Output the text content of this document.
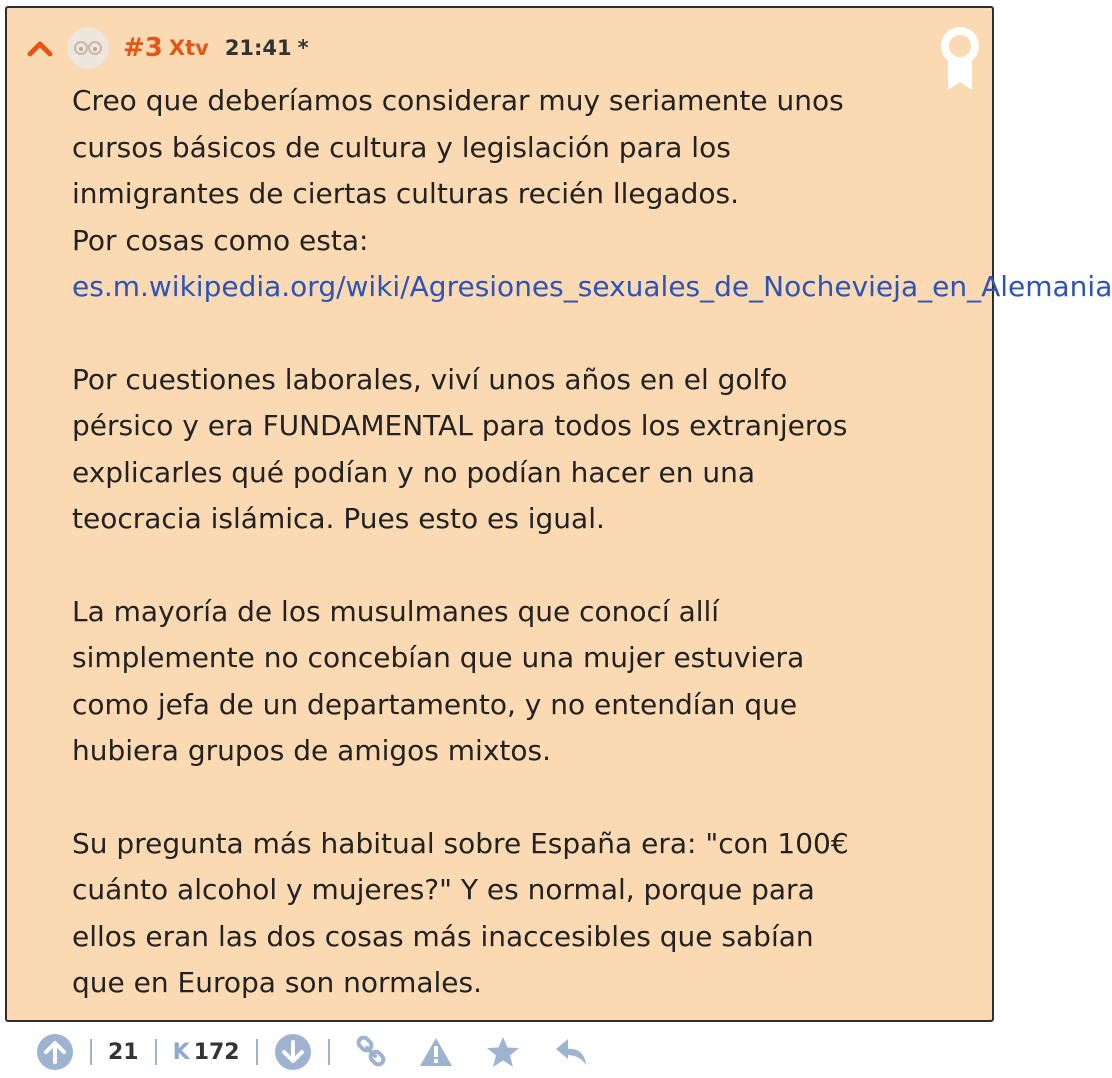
#3 Xtv 21:41 *

Creo que deberíamos considerar muy seriamente unos
cursos básicos de cultura y legislación para los
inmigrantes de ciertas culturas recién llegados.
Por cosas como esta:
es.m.wikipedia.org/wiki/Agresiones_sexuales_de_Nochevieja_en_Alemania

Por cuestiones laborales, viví unos años en el golfo
pérsico y era FUNDAMENTAL para todos los extranjeros
explicarles qué podían y no podían hacer en una
teocracia islámica. Pues esto es igual.

La mayoría de los musulmanes que conocí allí
simplemente no concebían que una mujer estuviera
como jefa de un departamento, y no entendían que
hubiera grupos de amigos mixtos.

Su pregunta más habitual sobre España era: "con 100€
cuánto alcohol y mujeres?" Y es normal, porque para
ellos eran las dos cosas más inaccesibles que sabían
que en Europa son normales.

21 K 172
